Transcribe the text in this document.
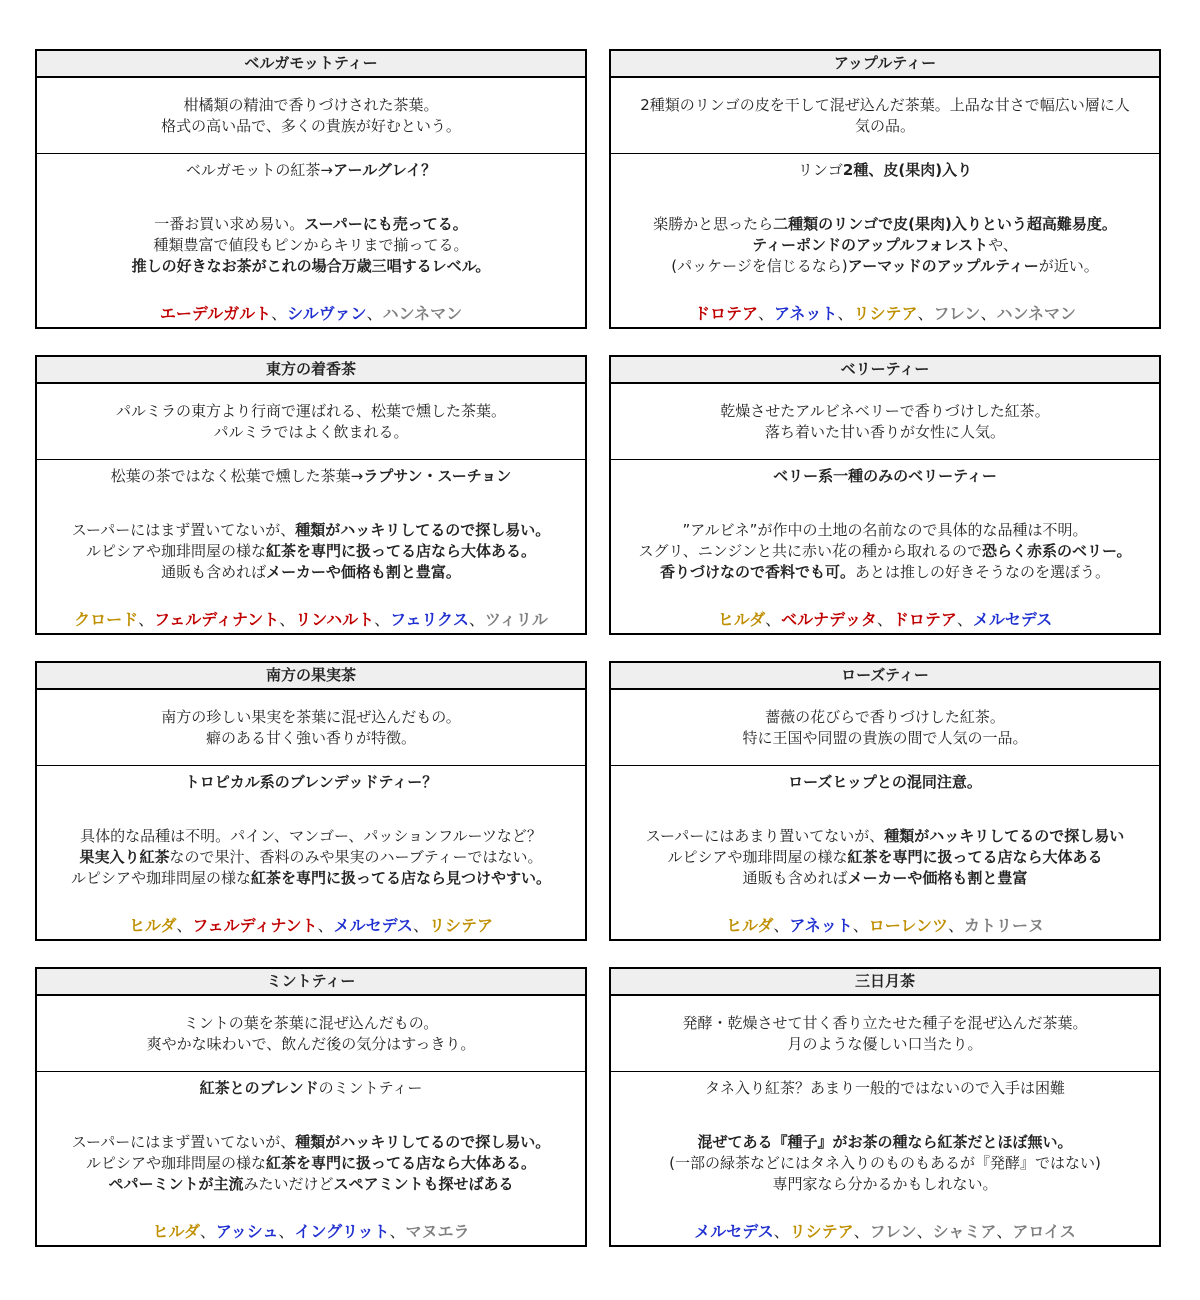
ベルガモットティー
柑橘類の精油で香りづけされた茶葉。
格式の高い品で、多くの貴族が好むという。
ベルガモットの紅茶→アールグレイ？
一番お買い求め易い。スーパーにも売ってる。
種類豊富で値段もピンからキリまで揃ってる。
推しの好きなお茶がこれの場合万歳三唱するレベル。
エーデルガルト、シルヴァン、ハンネマン
アップルティー
2種類のリンゴの皮を干して混ぜ込んだ茶葉。上品な甘さで幅広い層に人
気の品。
リンゴ2種、皮(果肉)入り
楽勝かと思ったら二種類のリンゴで皮(果肉)入りという超高難易度。
ティーポンドのアップルフォレストや、
(パッケージを信じるなら)アーマッドのアップルティーが近い。
ドロテア、アネット、リシテア、フレン、ハンネマン
東方の着香茶
パルミラの東方より行商で運ばれる、松葉で燻した茶葉。
パルミラではよく飲まれる。
松葉の茶ではなく松葉で燻した茶葉→ラプサン・スーチョン
スーパーにはまず置いてないが、種類がハッキリしてるので探し易い。
ルピシアや珈琲問屋の様な紅茶を専門に扱ってる店なら大体ある。
通販も含めればメーカーや価格も割と豊富。
クロード、フェルディナント、リンハルト、フェリクス、ツィリル
ベリーティー
乾燥させたアルビネベリーで香りづけした紅茶。
落ち着いた甘い香りが女性に人気。
ベリー系一種のみのベリーティー
”アルビネ”が作中の土地の名前なので具体的な品種は不明。
スグリ、ニンジンと共に赤い花の種から取れるので恐らく赤系のベリー。
香りづけなので香料でも可。あとは推しの好きそうなのを選ぼう。
ヒルダ、ベルナデッタ、ドロテア、メルセデス
南方の果実茶
南方の珍しい果実を茶葉に混ぜ込んだもの。
癖のある甘く強い香りが特徴。
トロピカル系のブレンデッドティー？
具体的な品種は不明。パイン、マンゴー、パッションフルーツなど？
果実入り紅茶なので果汁、香料のみや果実のハーブティーではない。
ルピシアや珈琲問屋の様な紅茶を専門に扱ってる店なら見つけやすい。
ヒルダ、フェルディナント、メルセデス、リシテア
ローズティー
薔薇の花びらで香りづけした紅茶。
特に王国や同盟の貴族の間で人気の一品。
ローズヒップとの混同注意。
スーパーにはあまり置いてないが、種類がハッキリしてるので探し易い
ルピシアや珈琲問屋の様な紅茶を専門に扱ってる店なら大体ある
通販も含めればメーカーや価格も割と豊富
ヒルダ、アネット、ローレンツ、カトリーヌ
ミントティー
ミントの葉を茶葉に混ぜ込んだもの。
爽やかな味わいで、飲んだ後の気分はすっきり。
紅茶とのブレンドのミントティー
スーパーにはまず置いてないが、種類がハッキリしてるので探し易い。
ルピシアや珈琲問屋の様な紅茶を専門に扱ってる店なら大体ある。
ペパーミントが主流みたいだけどスペアミントも探せばある
ヒルダ、アッシュ、イングリット、マヌエラ
三日月茶
発酵・乾燥させて甘く香り立たせた種子を混ぜ込んだ茶葉。
月のような優しい口当たり。
タネ入り紅茶？あまり一般的ではないので入手は困難
混ぜてある『種子』がお茶の種なら紅茶だとほぼ無い。
(一部の緑茶などにはタネ入りのものもあるが『発酵』ではない)
専門家なら分かるかもしれない。
メルセデス、リシテア、フレン、シャミア、アロイス
